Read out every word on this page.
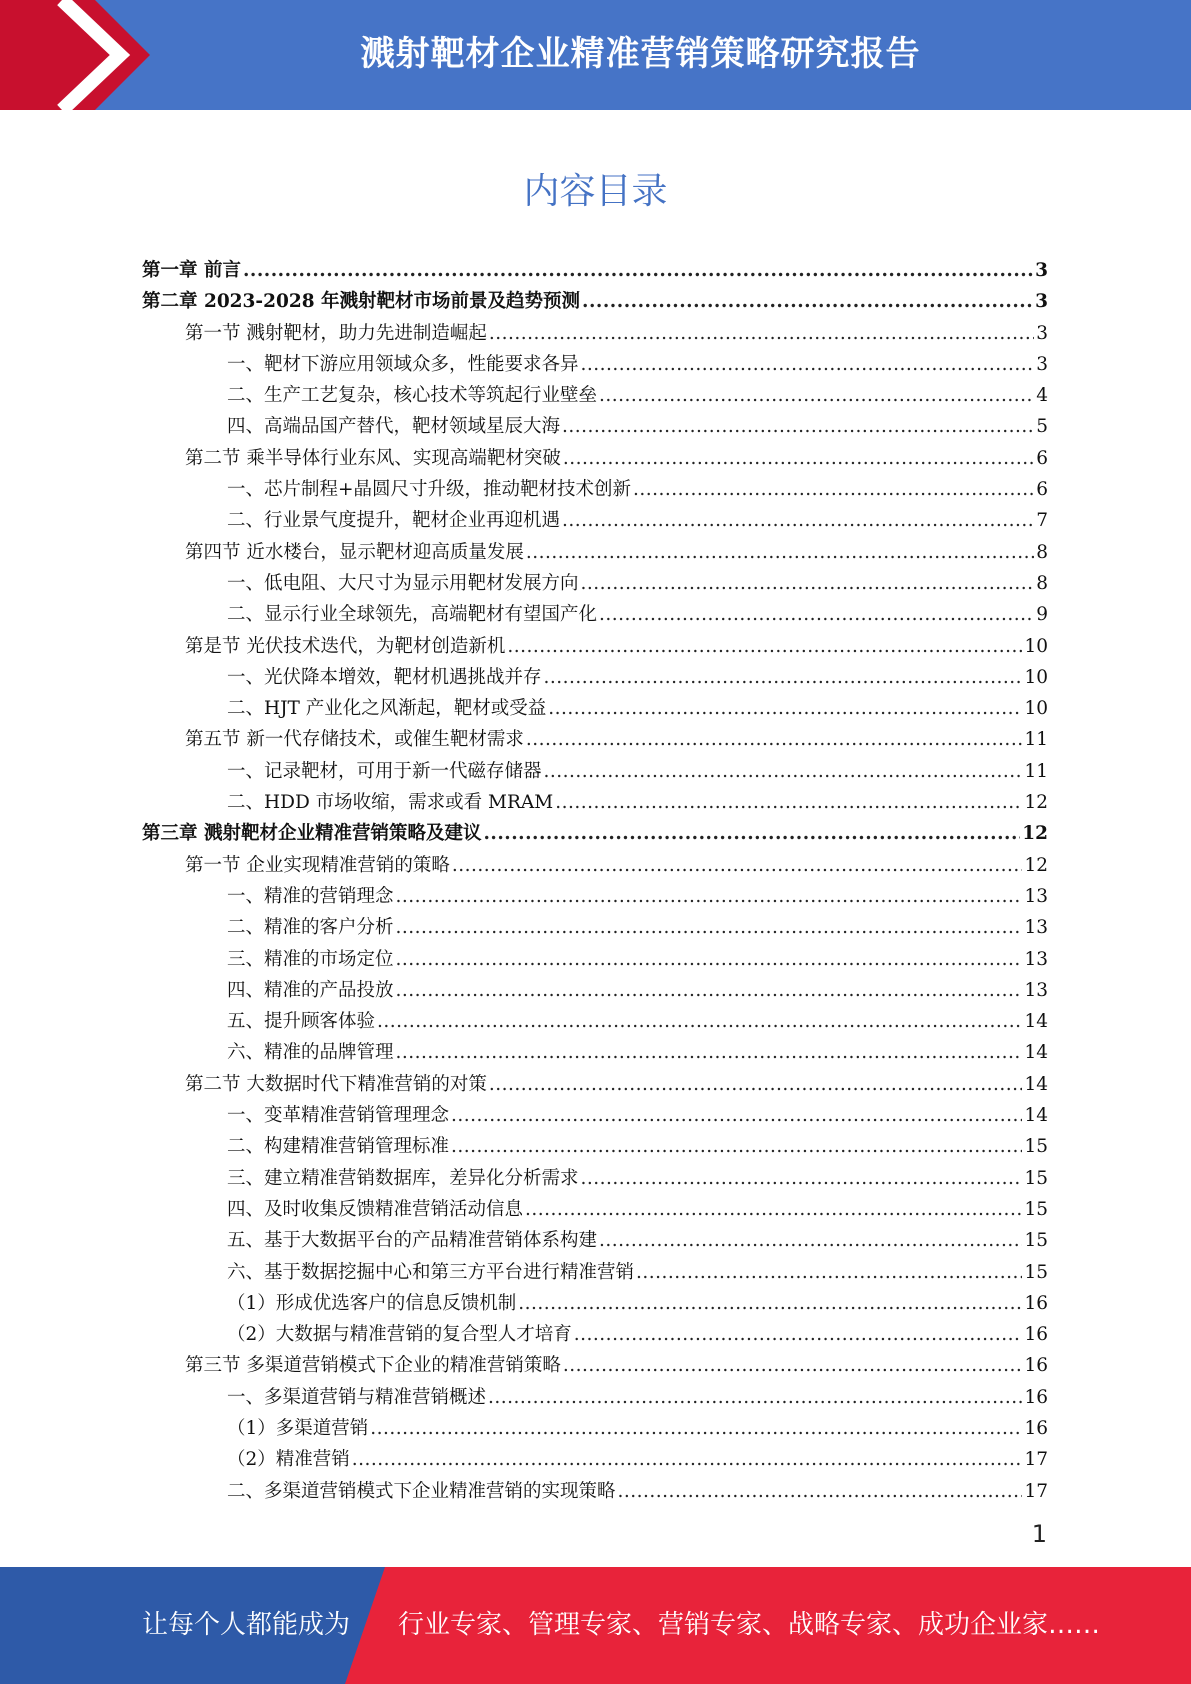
溅射靶材企业精准营销策略研究报告
内容目录
第一章 前言 .....	3
第二章 2023-2028 年溅射靶材市场前景及趋势预测 .....	3
第一节 溅射靶材，助力先进制造崛起 .....	3
一、靶材下游应用领域众多，性能要求各异 .....	3
二、生产工艺复杂，核心技术等筑起行业壁垒 .....	4
四、高端品国产替代，靶材领域星辰大海 .....	5
第二节 乘半导体行业东风、实现高端靶材突破 .....	6
一、芯片制程+晶圆尺寸升级，推动靶材技术创新 .....	6
二、行业景气度提升，靶材企业再迎机遇 .....	7
第四节 近水楼台，显示靶材迎高质量发展 .....	8
一、低电阻、大尺寸为显示用靶材发展方向 .....	8
二、显示行业全球领先，高端靶材有望国产化 .....	9
第是节 光伏技术迭代，为靶材创造新机 .....	10
一、光伏降本增效，靶材机遇挑战并存 .....	10
二、HJT 产业化之风渐起，靶材或受益 .....	10
第五节 新一代存储技术，或催生靶材需求 .....	11
一、记录靶材，可用于新一代磁存储器 .....	11
二、HDD 市场收缩，需求或看 MRAM .....	12
第三章 溅射靶材企业精准营销策略及建议 .....	12
第一节 企业实现精准营销的策略 .....	12
一、精准的营销理念 .....	13
二、精准的客户分析 .....	13
三、精准的市场定位 .....	13
四、精准的产品投放 .....	13
五、提升顾客体验 .....	14
六、精准的品牌管理 .....	14
第二节 大数据时代下精准营销的对策 .....	14
一、变革精准营销管理理念 .....	14
二、构建精准营销管理标准 .....	15
三、建立精准营销数据库，差异化分析需求 .....	15
四、及时收集反馈精准营销活动信息 .....	15
五、基于大数据平台的产品精准营销体系构建 .....	15
六、基于数据挖掘中心和第三方平台进行精准营销 .....	15
（1）形成优选客户的信息反馈机制 .....	16
（2）大数据与精准营销的复合型人才培育 .....	16
第三节 多渠道营销模式下企业的精准营销策略 .....	16
一、多渠道营销与精准营销概述 .....	16
（1）多渠道营销 .....	16
（2）精准营销 .....	17
二、多渠道营销模式下企业精准营销的实现策略 .....	17
1
让每个人都能成为 行业专家、管理专家、营销专家、战略专家、成功企业家……
